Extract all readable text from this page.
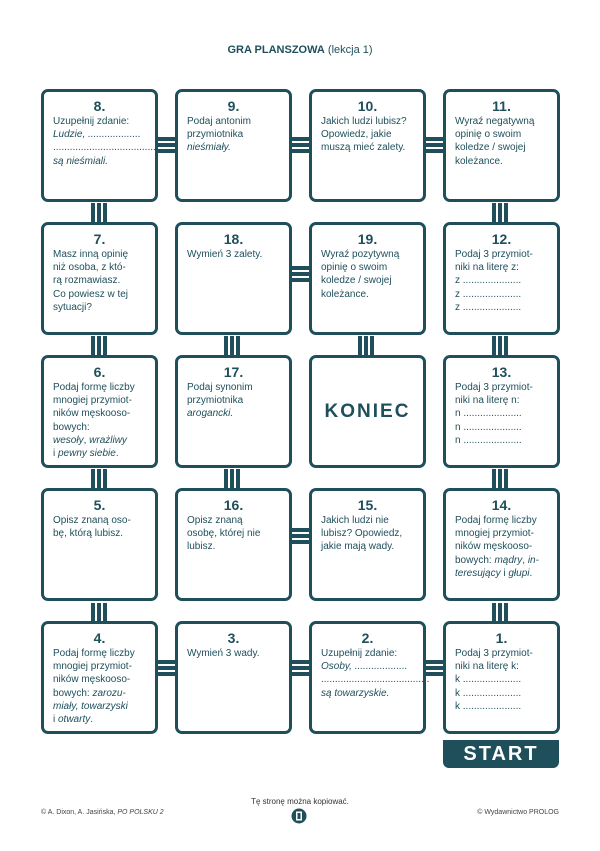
GRA PLANSZOWA (lekcja 1)
8.
Uzupełnij zdanie:
Ludzie, ...................
.......................................
są nieśmiali.
9.
Podaj antonim
przymiotnika
nieśmiały.
10.
Jakich ludzi lubisz?
Opowiedz, jakie
muszą mieć zalety.
11.
Wyraź negatywną
opinię o swoim
koledze / swojej
koleżance.
7.
Masz inną opinię
niż osoba, z któ-
rą rozmawiasz.
Co powiesz w tej
sytuacji?
18.
Wymień 3 zalety.
19.
Wyraź pozytywną
opinię o swoim
koledze / swojej
koleżance.
12.
Podaj 3 przymiot-
niki na literę z:
z .....................
z .....................
z .....................
6.
Podaj formę liczby
mnogiej przymiot-
ników męskooso-
bowych:
wesoły, wrażliwy
i pewny siebie.
17.
Podaj synonim
przymiotnika
arogancki.	KONIEC
13.
Podaj 3 przymiot-
niki na literę n:
n .....................
n .....................
n .....................
5.
Opisz znaną oso-
bę, którą lubisz.
16.
Opisz znaną
osobę, której nie
lubisz.
15.
Jakich ludzi nie
lubisz? Opowiedz,
jakie mają wady.
14.
Podaj formę liczby
mnogiej przymiot-
ników męskooso-
bowych: mądry, in-
teresujący i głupi.
4.
Podaj formę liczby
mnogiej przymiot-
ników męskooso-
bowych: zarozu-
miały, towarzyski
i otwarty.
3.
Wymień 3 wady.
2.
Uzupełnij zdanie:
Osoby, ...................
.......................................
są towarzyskie.
1.
Podaj 3 przymiot-
niki na literę k:
k .....................
k .....................
k .....................
START
Tę stronę można kopiować.
© A. Dixon, A. Jasińska, PO POLSKU 2	© Wydawnictwo PROLOG
